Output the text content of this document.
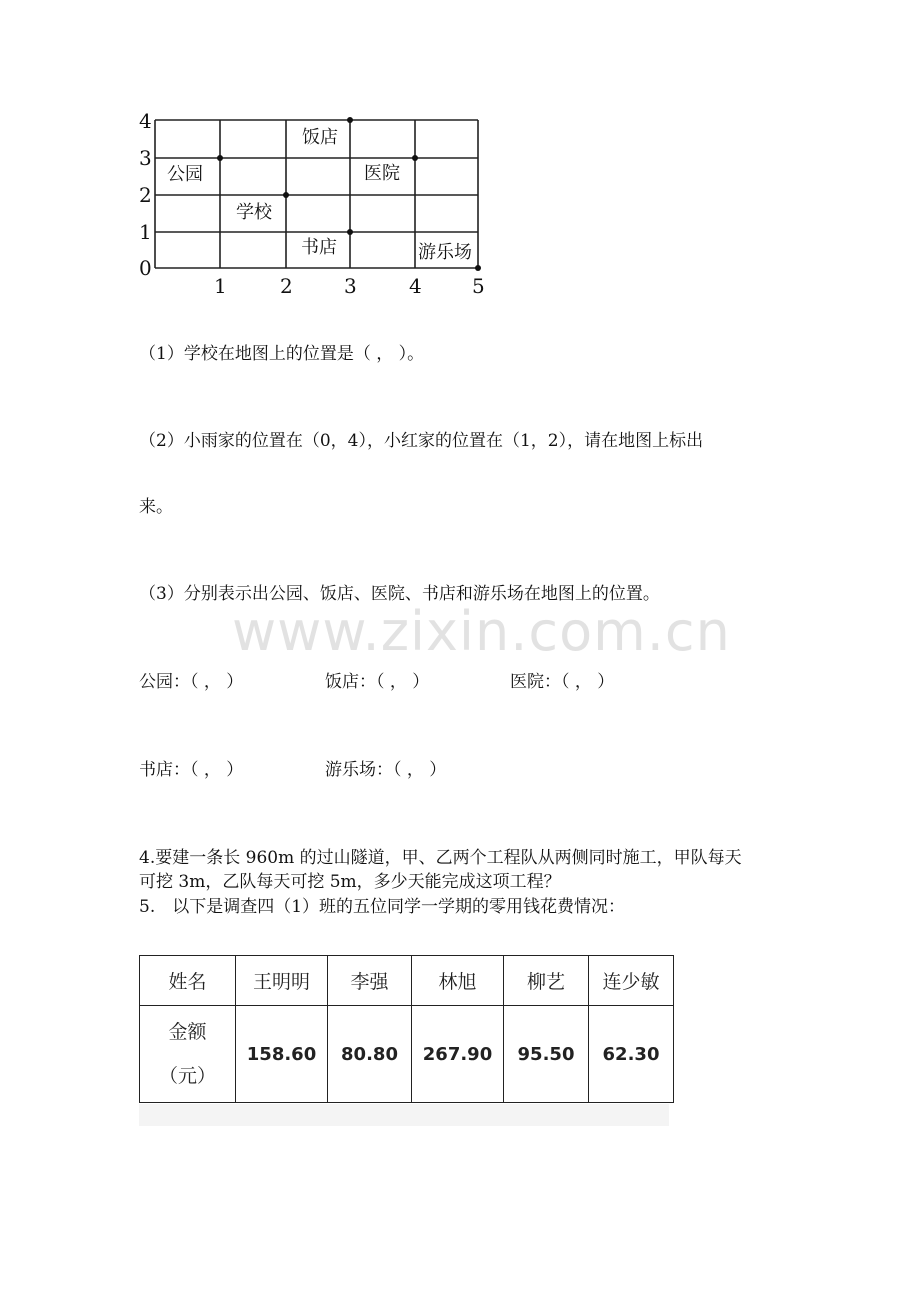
4
3
2
1
0
1	2	3	4	5
公园
饭店
医院
学校
书店	游乐场
（1）学校在地图上的位置是（ ， ）。
（2）小雨家的位置在（0，4），小红家的位置在（1，2），请在地图上标出
来。
（3）分别表示出公园、饭店、医院、书店和游乐场在地图上的位置。
www.zixin.com.cn
公园：（ ， ）	饭店：（ ， ）	医院：（ ， ）
书店：（ ， ）	游乐场：（ ， ）
4.要建一条长 960m 的过山隧道，甲、乙两个工程队从两侧同时施工，甲队每天
可挖 3m，乙队每天可挖 5m，多少天能完成这项工程？
5.　以下是调查四（1）班的五位同学一学期的零用钱花费情况：
姓名	王明明	李强	林旭	柳艺	连少敏

金额
（元）	158.60	80.80	267.90	95.50	62.30
